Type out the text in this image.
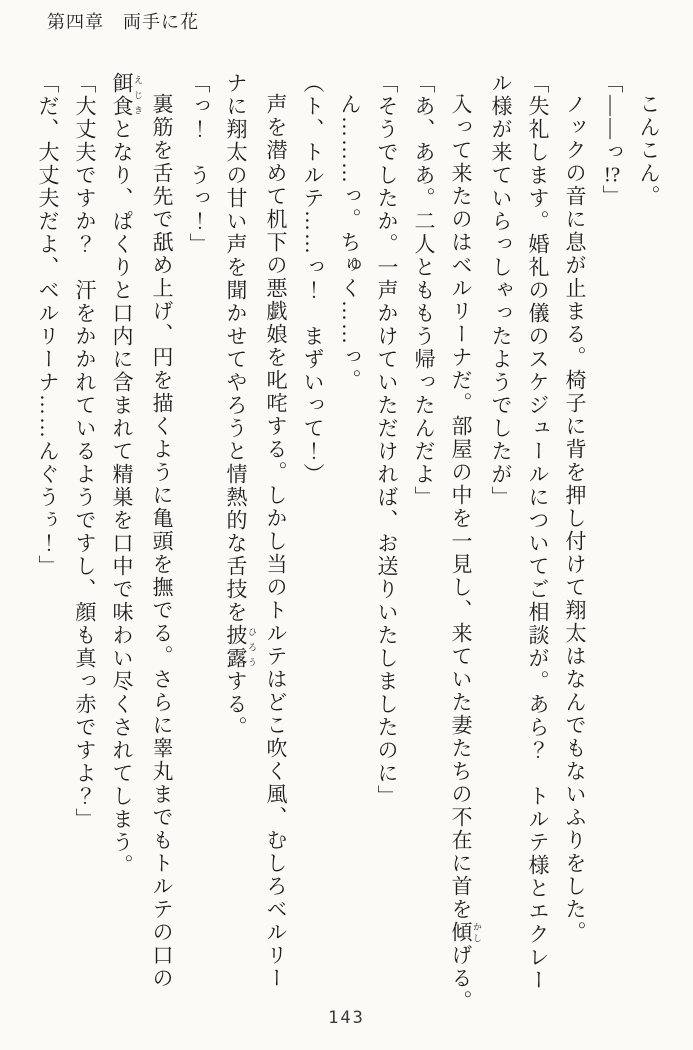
第四章　両手に花

こんこん。

「――っ!?」

ノックの音に息が止まる。椅子に背を押し付けて翔太はなんでもないふりをした。

「失礼します。婚礼の儀のスケジュールについてご相談が。あら？　トルテ様とエクレー

ル様が来ていらっしゃったようでしたが」

入って来たのはベルリーナだ。部屋の中を一見し、来ていた妻たちの不在に首を傾 かしげる。

「あ、ああ。二人とももう帰ったんだよ」

「そうでしたか。一声かけていただければ、お送りいたしましたのに」

ん………っ。ちゅく……っ。

（ト、トルテ……っ！　まずいって！）

声を潜めて机下の悪戯娘を叱咤する。しかし当のトルテはどこ吹く風、むしろベルリー

ナに翔太の甘い声を聞かせてやろうと情熱的な舌技を披露 ひろうする。

「っ！　うっ！」

裏筋を舌先で舐め上げ、円を描くように亀頭を撫でる。さらに睾丸までもトルテの口の

餌食 えじきとなり、ぱくりと口内に含まれて精巣を口中で味わい尽くされてしまう。

「大丈夫ですか？　汗をかかれているようですし、顔も真っ赤ですよ？」

「だ、大丈夫だよ、ベルリーナ……んぐうぅ！」

143
